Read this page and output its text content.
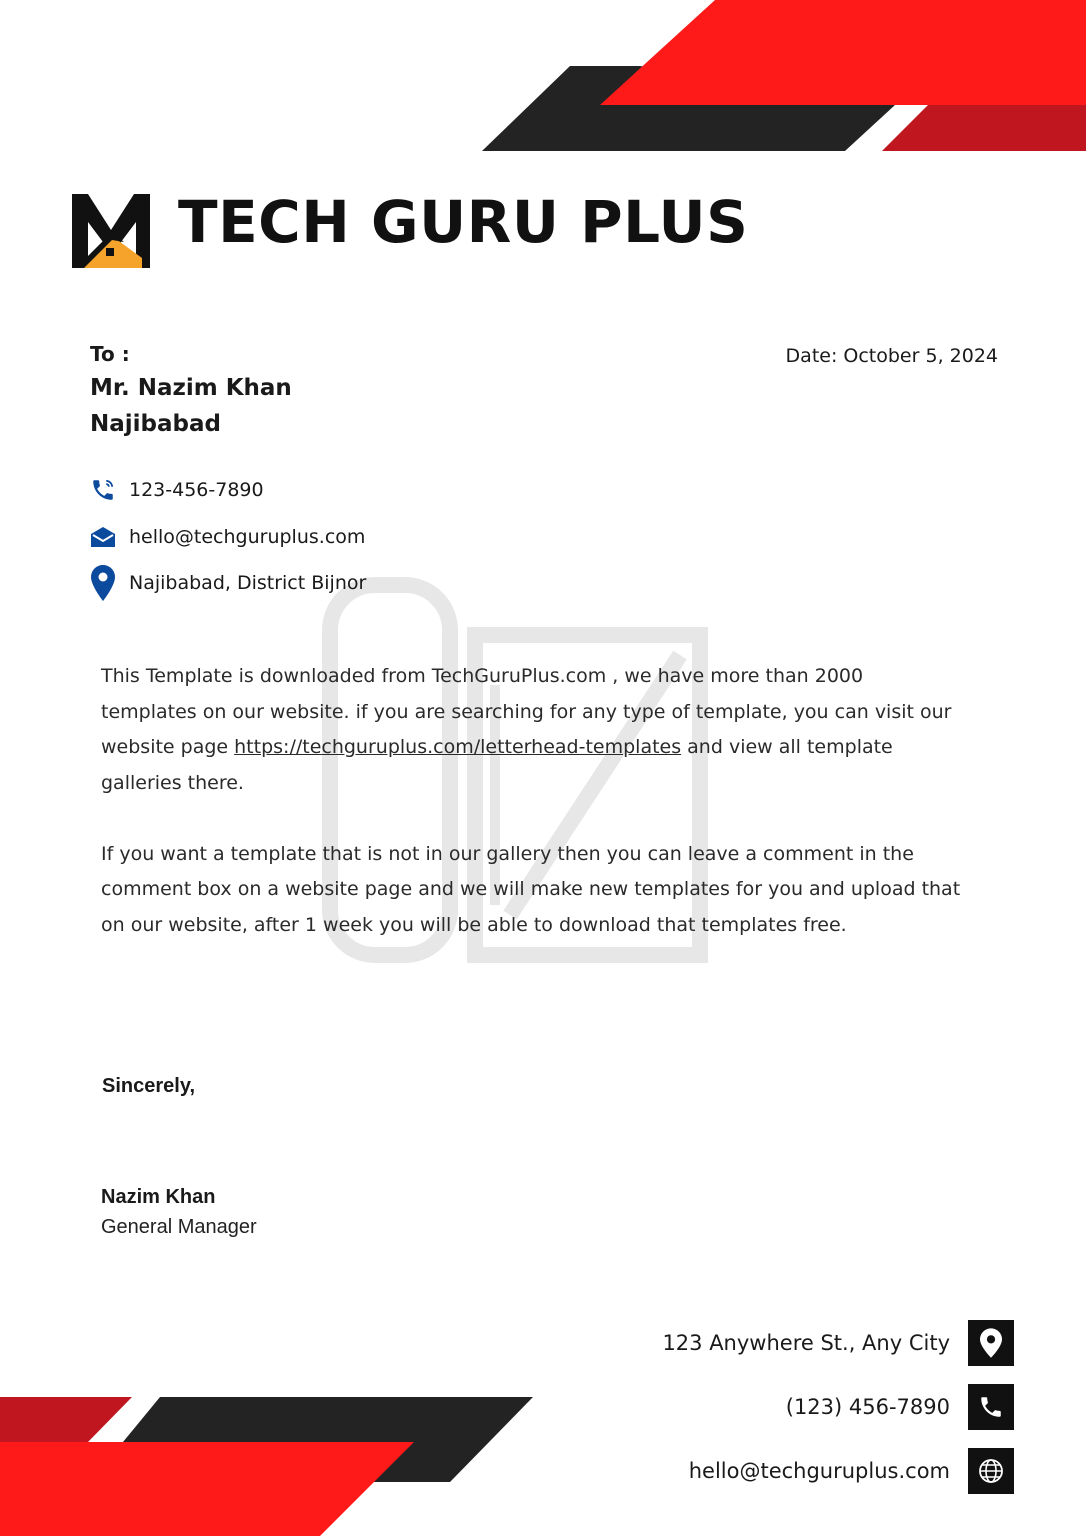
TECH GURU PLUS
To :
Mr. Nazim Khan
Najibabad
Date: October 5, 2024
123-456-7890
hello@techguruplus.com
Najibabad, District Bijnor

This Template is downloaded from TechGuruPlus.com , we have more than 2000 templates on our website. if you are searching for any type of template, you can visit our website page https://techguruplus.com/letterhead-templates and view all template galleries there.

If you want a template that is not in our gallery then you can leave a comment in the comment box on a website page and we will make new templates for you and upload that on our website, after 1 week you will be able to download that templates free.

Sincerely,
Nazim Khan
General Manager
123 Anywhere St., Any City
(123) 456-7890
hello@techguruplus.com
